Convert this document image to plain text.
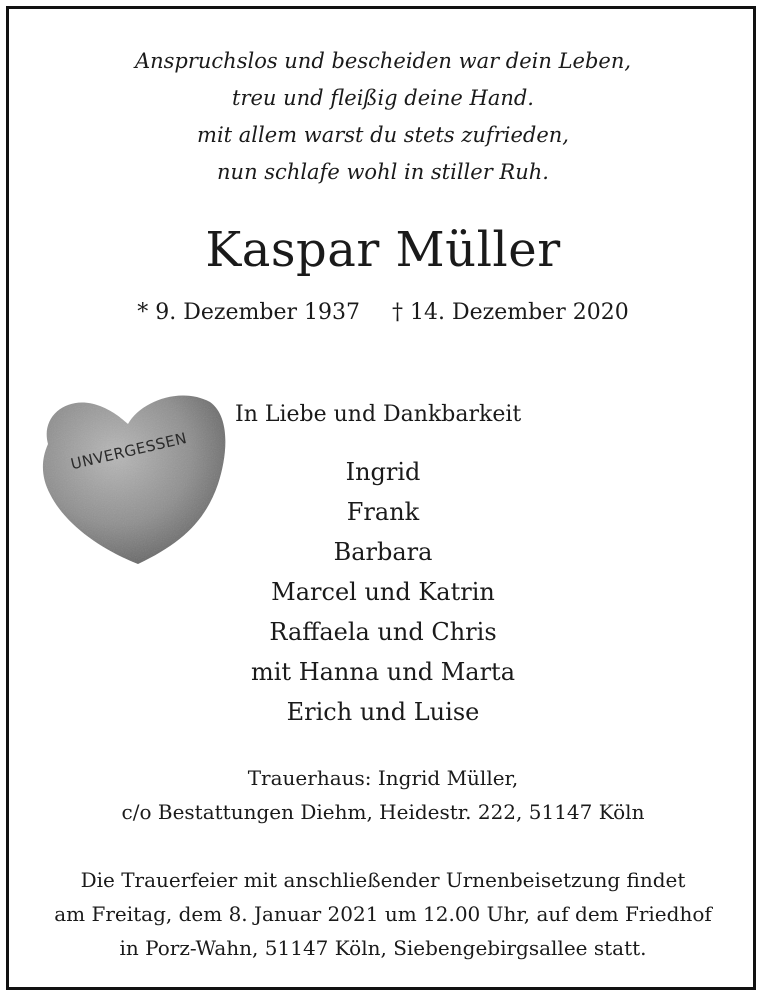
Anspruchslos und bescheiden war dein Leben,
treu und fleißig deine Hand.
mit allem warst du stets zufrieden,
nun schlafe wohl in stiller Ruh.
Kaspar Müller
* 9. Dezember 1937 † 14. Dezember 2020
UNVERGESSEN
In Liebe und Dankbarkeit
Ingrid
Frank
Barbara
Marcel und Katrin
Raffaela und Chris
mit Hanna und Marta
Erich und Luise
Trauerhaus: Ingrid Müller,
c/o Bestattungen Diehm, Heidestr. 222, 51147 Köln
Die Trauerfeier mit anschließender Urnenbeisetzung findet
am Freitag, dem 8. Januar 2021 um 12.00 Uhr, auf dem Friedhof
in Porz-Wahn, 51147 Köln, Siebengebirgsallee statt.
